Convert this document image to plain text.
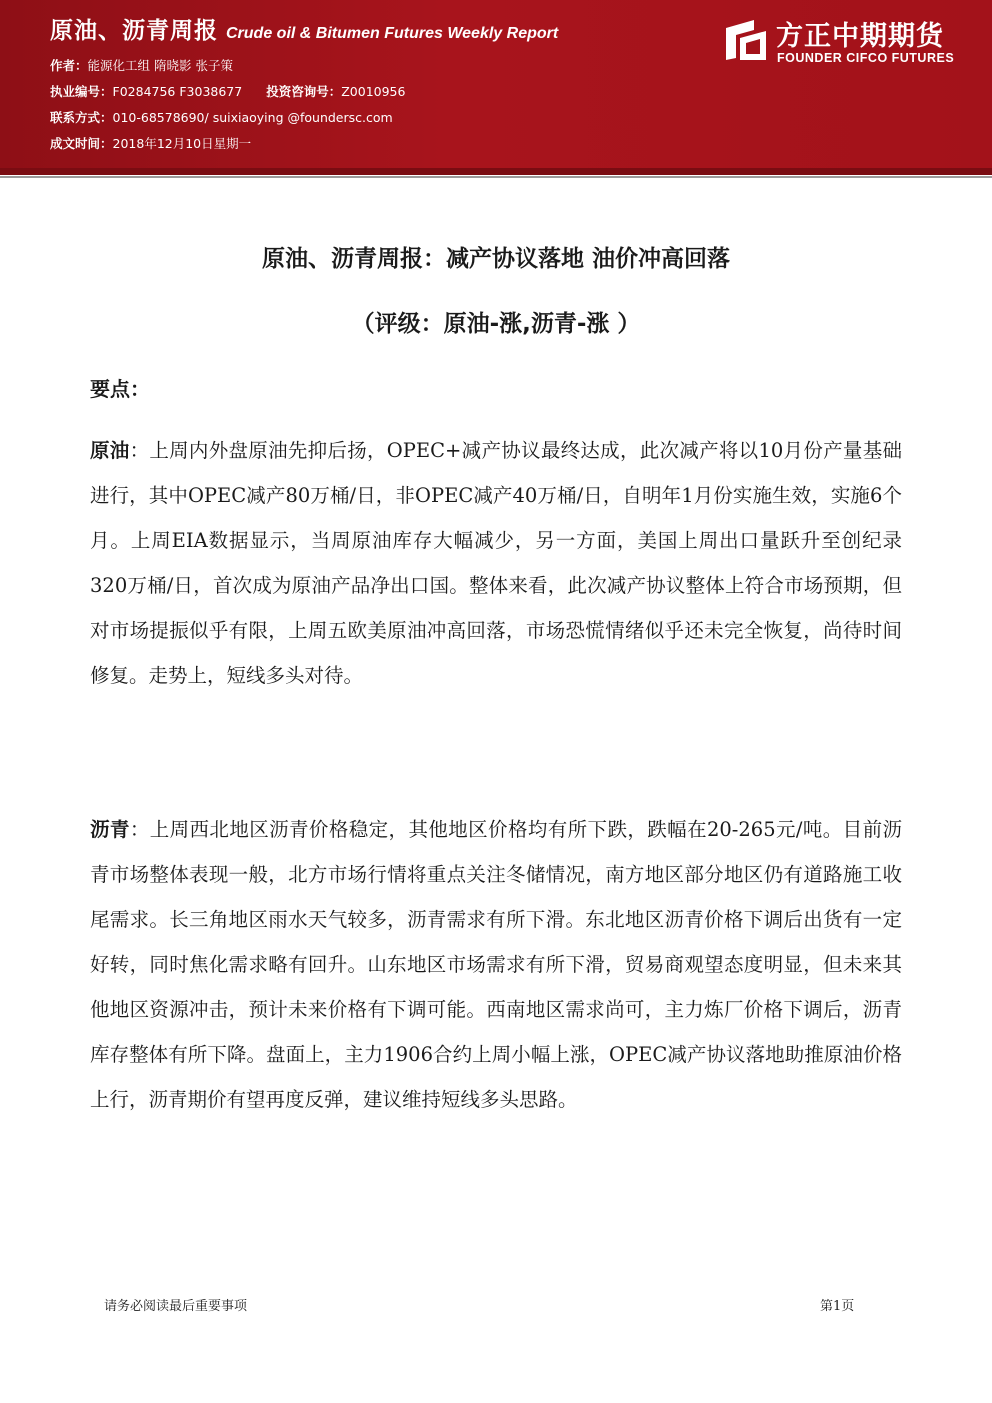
原油、沥青周报 Crude oil & Bitumen Futures Weekly Report
作者：能源化工组 隋晓影 张子策
执业编号：F0284756 F3038677 投资咨询号：Z0010956
联系方式：010-68578690/ suixiaoying @foundersc.com
成文时间：2018年12月10日星期一
方正中期期货
FOUNDER CIFCO FUTURES
原油、沥青周报：减产协议落地 油价冲高回落
（评级：原油-涨,沥青-涨 ）
要点：
原油：上周内外盘原油先抑后扬，OPEC+减产协议最终达成，此次减产将以10月份产量基础进行，其中OPEC减产80万桶/日，非OPEC减产40万桶/日，自明年1月份实施生效，实施6个月。上周EIA数据显示，当周原油库存大幅减少，另一方面，美国上周出口量跃升至创纪录320万桶/日，首次成为原油产品净出口国。整体来看，此次减产协议整体上符合市场预期，但对市场提振似乎有限，上周五欧美原油冲高回落，市场恐慌情绪似乎还未完全恢复，尚待时间修复。走势上，短线多头对待。
沥青：上周西北地区沥青价格稳定，其他地区价格均有所下跌，跌幅在20-265元/吨。目前沥青市场整体表现一般，北方市场行情将重点关注冬储情况，南方地区部分地区仍有道路施工收尾需求。长三角地区雨水天气较多，沥青需求有所下滑。东北地区沥青价格下调后出货有一定好转，同时焦化需求略有回升。山东地区市场需求有所下滑，贸易商观望态度明显，但未来其他地区资源冲击，预计未来价格有下调可能。西南地区需求尚可，主力炼厂价格下调后，沥青库存整体有所下降。盘面上，主力1906合约上周小幅上涨，OPEC减产协议落地助推原油价格上行，沥青期价有望再度反弹，建议维持短线多头思路。
请务必阅读最后重要事项	第1页
